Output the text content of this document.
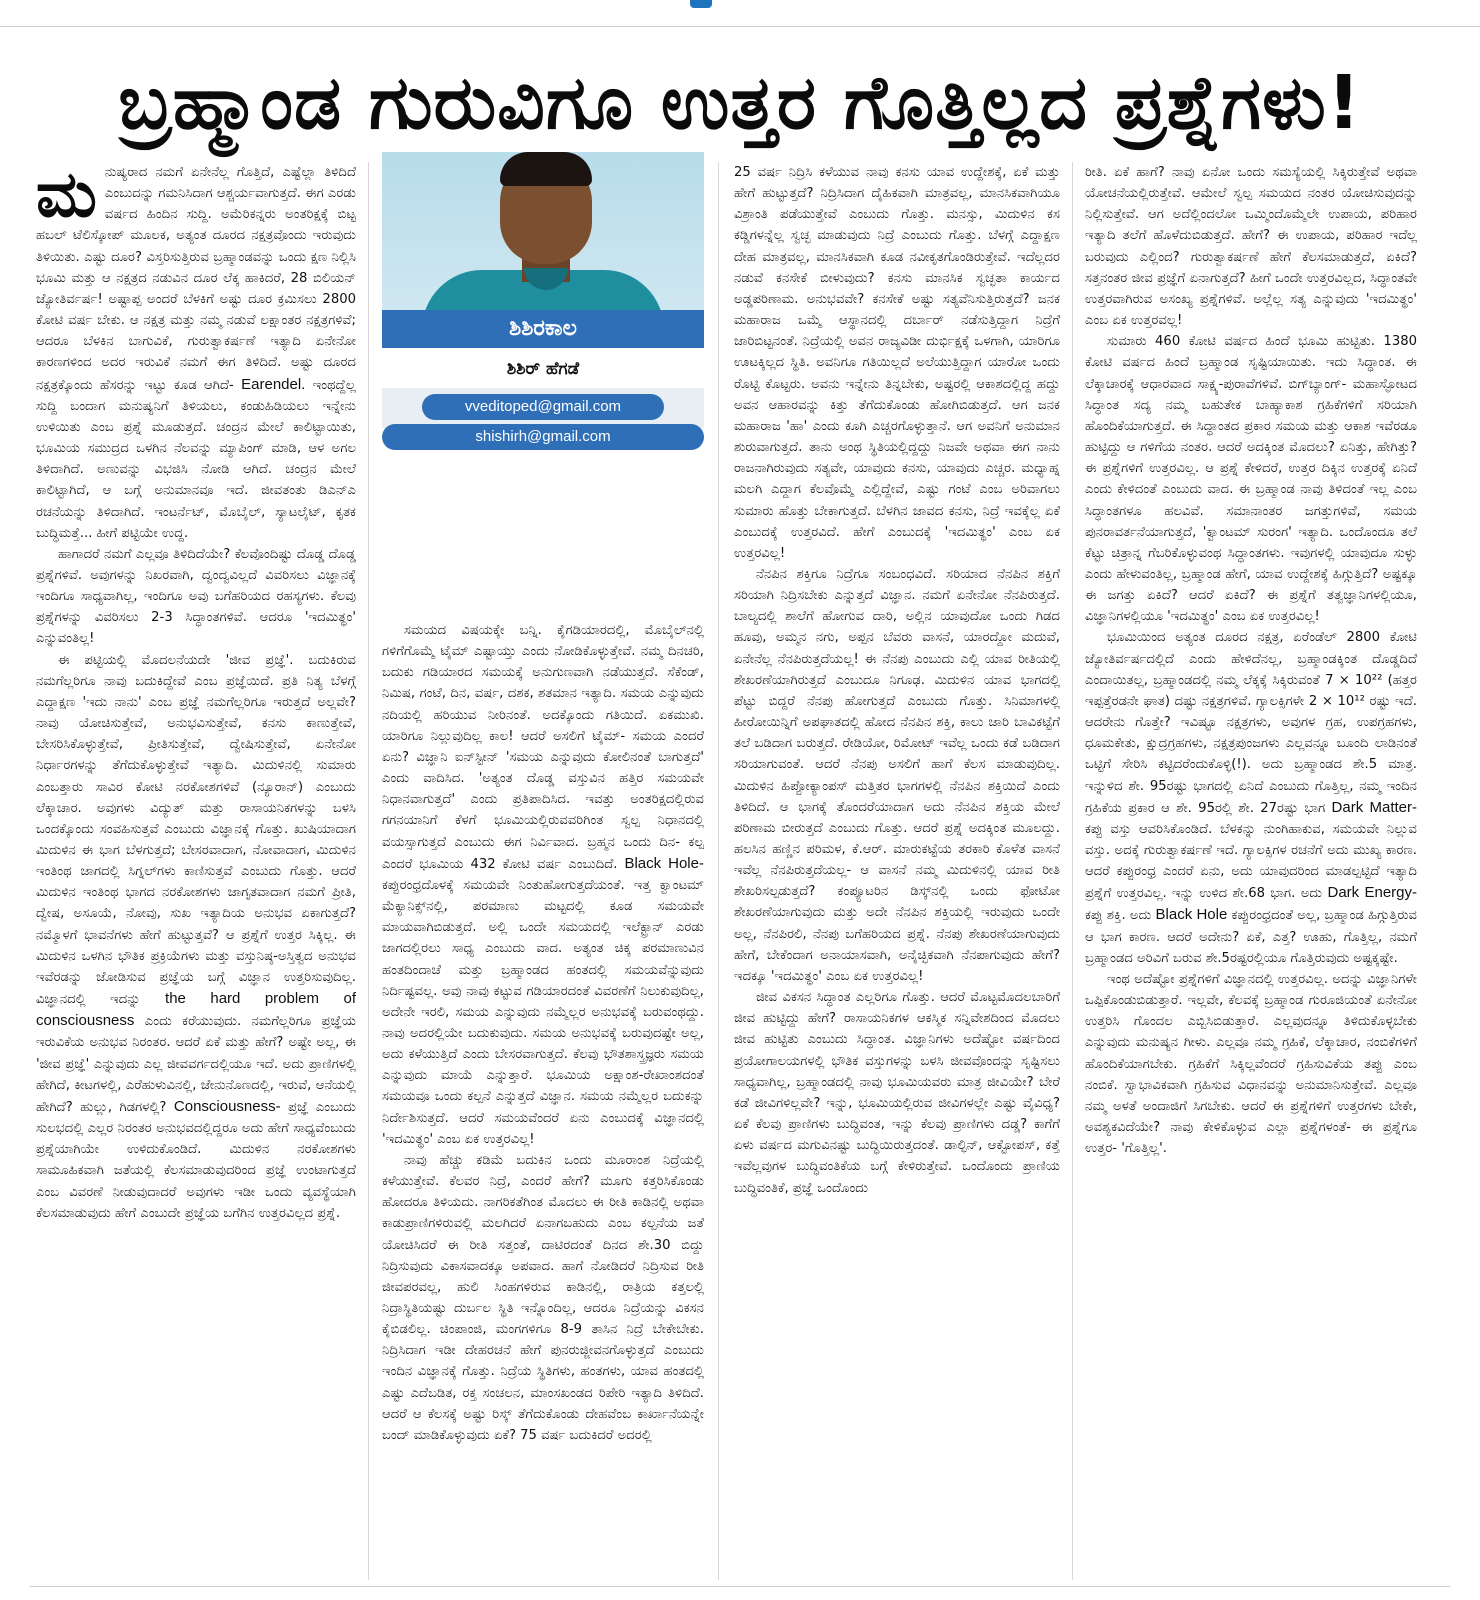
ಬ್ರಹ್ಮಾಂಡ ಗುರುವಿಗೂ ಉತ್ತರ ಗೊತ್ತಿಲ್ಲದ ಪ್ರಶ್ನೆಗಳು!

ಮನುಷ್ಯರಾದ ನಮಗೆ ಏನೇನೆಲ್ಲ ಗೊತ್ತಿದೆ, ಎಷ್ಟೆಲ್ಲಾ ತಿಳಿದಿದೆ ಎಂಬುದನ್ನು ಗಮನಿಸಿದಾಗ ಆಶ್ಚರ್ಯವಾಗುತ್ತದೆ. ಈಗ ಎರಡು ವರ್ಷದ ಹಿಂದಿನ ಸುದ್ದಿ. ಅಮೆರಿಕನ್ನರು ಅಂತರಿಕ್ಷಕ್ಕೆ ಬಿಟ್ಟ ಹಬಲ್ ಟೆಲಿಸ್ಕೋಪ್ ಮೂಲಕ, ಅತ್ಯಂತ ದೂರದ ನಕ್ಷತ್ರವೊಂದು ಇರುವುದು ತಿಳಿಯಿತು. ಎಷ್ಟು ದೂರ? ವಿಸ್ತರಿಸುತ್ತಿರುವ ಬ್ರಹ್ಮಾಂಡವನ್ನು ಒಂದು ಕ್ಷಣ ನಿಲ್ಲಿಸಿ ಭೂಮಿ ಮತ್ತು ಆ ನಕ್ಷತ್ರದ ನಡುವಿನ ದೂರ ಲೆಕ್ಕ ಹಾಕಿದರೆ, 28 ಬಿಲಿಯನ್ ಜ್ಯೋತಿರ್ವರ್ಷ! ಅಷ್ಟಾಪ್ಪ ಅಂದರೆ ಬೆಳಕಿಗೆ ಅಷ್ಟು ದೂರ ಕ್ರಮಿಸಲು 2800 ಕೋಟಿ ವರ್ಷ ಬೇಕು. ಆ ನಕ್ಷತ್ರ ಮತ್ತು ನಮ್ಮ ನಡುವೆ ಲಕ್ಷಾಂತರ ನಕ್ಷತ್ರಗಳಿವೆ; ಆದರೂ ಬೆಳಕಿನ ಬಾಗುವಿಕೆ, ಗುರುತ್ವಾಕರ್ಷಣೆ ಇತ್ಯಾದಿ ಏನೇನೋ ಕಾರಣಗಳಿಂದ ಅದರ ಇರುವಿಕೆ ನಮಗೆ ಈಗ ತಿಳಿದಿದೆ. ಅಷ್ಟು ದೂರದ ನಕ್ಷತ್ರಕ್ಕೊಂದು ಹೆಸರನ್ನು ಇಟ್ಟು ಕೂಡ ಆಗಿದೆ- Earendel. ಇಂಥದ್ದೆಲ್ಲ ಸುದ್ದಿ ಬಂದಾಗ ಮನುಷ್ಯನಿಗೆ ತಿಳಿಯಲು, ಕಂಡುಹಿಡಿಯಲು ಇನ್ನೇನು ಉಳಿಯಿತು ಎಂಬ ಪ್ರಶ್ನೆ ಮೂಡುತ್ತದೆ. ಚಂದ್ರನ ಮೇಲೆ ಕಾಲಿಟ್ಟಾಯಿತು, ಭೂಮಿಯ ಸಮುದ್ರದ ಒಳಗಿನ ನೆಲವನ್ನು ಮ್ಯಾಪಿಂಗ್ ಮಾಡಿ, ಆಳ ಅಗಲ ತಿಳಿದಾಗಿದೆ. ಅಣುವನ್ನು ವಿಭಜಿಸಿ ನೋಡಿ ಆಗಿದೆ. ಚಂದ್ರನ ಮೇಲೆ ಕಾಲಿಟ್ಟಾಗಿದೆ, ಆ ಬಗ್ಗೆ ಅನುಮಾನವೂ ಇದೆ. ಜೀವತಂತು ಡಿಎನ್‌ಎ ರಚನೆಯನ್ನು ತಿಳಿದಾಗಿದೆ. ಇಂಟರ್ನೆಟ್, ಮೊಬೈಲ್, ಸ್ಯಾಟಲೈಟ್, ಕೃತಕ ಬುದ್ಧಿಮತ್ತೆ... ಹೀಗೆ ಪಟ್ಟಿಯೇ ಉದ್ದ.

ಹಾಗಾದರೆ ನಮಗೆ ಎಲ್ಲವೂ ತಿಳಿದಿದೆಯೇ? ಕೆಲವೊಂದಿಷ್ಟು ದೊಡ್ಡ ದೊಡ್ಡ ಪ್ರಶ್ನೆಗಳಿವೆ. ಅವುಗಳನ್ನು ನಿಖರವಾಗಿ, ದ್ವಂದ್ವವಿಲ್ಲದೆ ವಿವರಿಸಲು ವಿಜ್ಞಾನಕ್ಕೆ ಇಂದಿಗೂ ಸಾಧ್ಯವಾಗಿಲ್ಲ, ಇಂದಿಗೂ ಅವು ಬಗೆಹರಿಯದ ರಹಸ್ಯಗಳು. ಕೆಲವು ಪ್ರಶ್ನೆಗಳನ್ನು ವಿವರಿಸಲು 2-3 ಸಿದ್ಧಾಂತಗಳಿವೆ. ಆದರೂ 'ಇದಮಿತ್ಥಂ' ಎನ್ನುವಂತಿಲ್ಲ!

ಈ ಪಟ್ಟಿಯಲ್ಲಿ ಮೊದಲನೆಯದೇ 'ಜೀವ ಪ್ರಜ್ಞೆ'. ಬದುಕಿರುವ ನಮಗೆಲ್ಲರಿಗೂ ನಾವು ಬದುಕಿದ್ದೇವೆ ಎಂಬ ಪ್ರಜ್ಞೆಯಿದೆ. ಪ್ರತಿ ನಿತ್ಯ ಬೆಳಗ್ಗೆ ಎದ್ದಾಕ್ಷಣ 'ಇದು ನಾನು' ಎಂಬ ಪ್ರಜ್ಞೆ ನಮಗೆಲ್ಲರಿಗೂ ಇರುತ್ತದೆ ಅಲ್ಲವೇ? ನಾವು ಯೋಚಿಸುತ್ತೇವೆ, ಅನುಭವಿಸುತ್ತೇವೆ, ಕನಸು ಕಾಣುತ್ತೇವೆ, ಬೇಸರಿಸಿಕೊಳ್ಳುತ್ತೇವೆ, ಪ್ರೀತಿಸುತ್ತೇವೆ, ದ್ವೇಷಿಸುತ್ತೇವೆ, ಏನೇನೋ ನಿರ್ಧಾರಗಳನ್ನು ತೆಗೆದುಕೊಳ್ಳುತ್ತೇವೆ ಇತ್ಯಾದಿ. ಮಿದುಳಿನಲ್ಲಿ ಸುಮಾರು ಎಂಬತ್ತಾರು ಸಾವಿರ ಕೋಟಿ ನರಕೋಶಗಳಿವೆ (ನ್ಯೂರಾನ್) ಎಂಬುದು ಲೆಕ್ಕಾಚಾರ. ಅವುಗಳು ವಿದ್ಯುತ್ ಮತ್ತು ರಾಸಾಯನಿಕಗಳನ್ನು ಬಳಸಿ ಒಂದಕ್ಕೊಂದು ಸಂವಹಿಸುತ್ತವೆ ಎಂಬುದು ವಿಜ್ಞಾನಕ್ಕೆ ಗೊತ್ತು. ಖುಷಿಯಾದಾಗ ಮಿದುಳಿನ ಈ ಭಾಗ ಬೆಳಗುತ್ತದೆ; ಬೇಸರವಾದಾಗ, ನೋವಾದಾಗ, ಮಿದುಳಿನ ಇಂತಿಂಥ ಜಾಗದಲ್ಲಿ ಸಿಗ್ನಲ್‌ಗಳು ಕಾಣಿಸುತ್ತವೆ ಎಂಬುದು ಗೊತ್ತು. ಆದರೆ ಮಿದುಳಿನ ಇಂತಿಂಥ ಭಾಗದ ನರಕೋಶಗಳು ಜಾಗೃತವಾದಾಗ ನಮಗೆ ಪ್ರೀತಿ, ದ್ವೇಷ, ಅಸೂಯೆ, ನೋವು, ಸುಖ ಇತ್ಯಾದಿಯ ಅನುಭವ ಏಕಾಗುತ್ತದೆ? ನಮ್ಮೊಳಗೆ ಭಾವನೆಗಳು ಹೇಗೆ ಹುಟ್ಟುತ್ತವೆ? ಆ ಪ್ರಶ್ನೆಗೆ ಉತ್ತರ ಸಿಕ್ಕಿಲ್ಲ. ಈ ಮಿದುಳಿನ ಒಳಗಿನ ಭೌತಿಕ ಪ್ರಕ್ರಿಯೆಗಳು ಮತ್ತು ವಸ್ತುನಿಷ್ಠ-ಅಸ್ತಿತ್ವದ ಅನುಭವ ಇವೆರಡನ್ನು ಜೋಡಿಸುವ ಪ್ರಜ್ಞೆಯ ಬಗ್ಗೆ ವಿಜ್ಞಾನ ಉತ್ತರಿಸುವುದಿಲ್ಲ. ವಿಜ್ಞಾನದಲ್ಲಿ ಇದನ್ನು the hard problem of consciousness ಎಂದು ಕರೆಯುವುದು. ನಮಗೆಲ್ಲರಿಗೂ ಪ್ರಜ್ಞೆಯ ಇರುವಿಕೆಯ ಅನುಭವ ನಿರಂತರ. ಆದರೆ ಏಕೆ ಮತ್ತು ಹೇಗೆ? ಅಷ್ಟೇ ಅಲ್ಲ, ಈ 'ಜೀವ ಪ್ರಜ್ಞೆ' ಎನ್ನುವುದು ಎಲ್ಲ ಜೀವವರ್ಗದಲ್ಲಿಯೂ ಇದೆ. ಅದು ಪ್ರಾಣಿಗಳಲ್ಲಿ ಹೇಗಿದೆ, ಕೀಟಗಳಲ್ಲಿ, ಎರೆಹುಳುವಿನಲ್ಲಿ, ಜೇನುನೊಣದಲ್ಲಿ, ಇರುವೆ, ಆನೆಯಲ್ಲಿ ಹೇಗಿದೆ? ಹುಲ್ಲು, ಗಿಡಗಳಲ್ಲಿ? Consciousness- ಪ್ರಜ್ಞೆ ಎಂಬುದು ಸುಲಭದಲ್ಲಿ ಎಲ್ಲರ ನಿರಂತರ ಅನುಭವದಲ್ಲಿದ್ದರೂ ಅದು ಹೇಗೆ ಸಾಧ್ಯವೆಂಬುದು ಪ್ರಶ್ನೆಯಾಗಿಯೇ ಉಳಿದುಕೊಂಡಿದೆ. ಮಿದುಳಿನ ನರಕೋಶಗಳು ಸಾಮೂಹಿಕವಾಗಿ ಜತೆಯಲ್ಲಿ ಕೆಲಸಮಾಡುವುದರಿಂದ ಪ್ರಜ್ಞೆ ಉಂಟಾಗುತ್ತದೆ ಎಂಬ ವಿವರಣೆ ನೀಡುವುದಾದರೆ ಅವುಗಳು ಇಡೀ ಒಂದು ವ್ಯವಸ್ಥೆಯಾಗಿ ಕೆಲಸಮಾಡುವುದು ಹೇಗೆ ಎಂಬುದೇ ಪ್ರಜ್ಞೆಯ ಬಗೆಗಿನ ಉತ್ತರವಿಲ್ಲದ ಪ್ರಶ್ನೆ.

ಶಿಶಿರಕಾಲ
ಶಿಶಿರ್ ಹೆಗಡೆ
vveditoped@gmail.com
shishirh@gmail.com

ಸಮಯದ ವಿಷಯಕ್ಕೇ ಬನ್ನಿ. ಕೈಗಡಿಯಾರದಲ್ಲಿ, ಮೊಬೈಲ್‌ನಲ್ಲಿ ಗಳಿಗೆಗೊಮ್ಮೆ ಟೈಮ್ ಎಷ್ಟಾಯ್ತು ಎಂದು ನೋಡಿಕೊಳ್ಳುತ್ತೇವೆ. ನಮ್ಮ ದಿನಚರಿ, ಬದುಕು ಗಡಿಯಾರದ ಸಮಯಕ್ಕೆ ಅನುಗುಣವಾಗಿ ನಡೆಯುತ್ತದೆ. ಸೆಕೆಂಡ್, ನಿಮಿಷ, ಗಂಟೆ, ದಿನ, ವರ್ಷ, ದಶಕ, ಶತಮಾನ ಇತ್ಯಾದಿ. ಸಮಯ ಎನ್ನುವುದು ನದಿಯಲ್ಲಿ ಹರಿಯುವ ನೀರಿನಂತೆ. ಅದಕ್ಕೊಂದು ಗತಿಯಿದೆ. ಏಕಮುಖಿ. ಯಾರಿಗೂ ನಿಲ್ಲುವುದಿಲ್ಲ ಕಾಲ! ಆದರೆ ಅಸಲಿಗೆ ಟೈಮ್- ಸಮಯ ಎಂದರೆ ಏನು? ವಿಜ್ಞಾನಿ ಐನ್‌ಸ್ಟೀನ್ 'ಸಮಯ ಎನ್ನುವುದು ಕೋಲಿನಂತೆ ಬಾಗುತ್ತದೆ' ಎಂದು ವಾದಿಸಿದ. 'ಅತ್ಯಂತ ದೊಡ್ಡ ವಸ್ತುವಿನ ಹತ್ತಿರ ಸಮಯವೇ ನಿಧಾನವಾಗುತ್ತದೆ' ಎಂದು ಪ್ರತಿಪಾದಿಸಿದ. ಇವತ್ತು ಅಂತರಿಕ್ಷದಲ್ಲಿರುವ ಗಗನಯಾನಿಗೆ ಕೆಳಗೆ ಭೂಮಿಯಲ್ಲಿರುವವರಿಗಿಂತ ಸ್ವಲ್ಪ ನಿಧಾನದಲ್ಲಿ ವಯಸ್ಸಾಗುತ್ತದೆ ಎಂಬುದು ಈಗ ನಿರ್ವಿವಾದ. ಬ್ರಹ್ಮನ ಒಂದು ದಿನ- ಕಲ್ಪ ಎಂದರೆ ಭೂಮಿಯ 432 ಕೋಟಿ ವರ್ಷ ಎಂಬುದಿದೆ. Black Hole- ಕಪ್ಪುರಂಧ್ರದೊಳಕ್ಕೆ ಸಮಯವೇ ನಿಂತುಹೋಗುತ್ತದೆಯಂತೆ. ಇತ್ತ ಕ್ವಾಂಟಮ್ ಮೆಕ್ಯಾನಿಕ್ಸ್‌ನಲ್ಲಿ, ಪರಮಾಣು ಮಟ್ಟದಲ್ಲಿ ಕೂಡ ಸಮಯವೇ ಮಾಯವಾಗಿಬಿಡುತ್ತದೆ. ಅಲ್ಲಿ ಒಂದೇ ಸಮಯದಲ್ಲಿ ಇಲೆಕ್ಟ್ರಾನ್ ಎರಡು ಜಾಗದಲ್ಲಿರಲು ಸಾಧ್ಯ ಎಂಬುದು ವಾದ. ಅತ್ಯಂತ ಚಿಕ್ಕ ಪರಮಾಣುವಿನ ಹಂತದಿಂದಾಚೆ ಮತ್ತು ಬ್ರಹ್ಮಾಂಡದ ಹಂತದಲ್ಲಿ ಸಮಯವೆನ್ನುವುದು ನಿರ್ದಿಷ್ಟವಲ್ಲ. ಅವು ನಾವು ಕಟ್ಟುವ ಗಡಿಯಾರದಂತೆ ವಿವರಣೆಗೆ ನಿಲುಕುವುದಿಲ್ಲ, ಅದೇನೇ ಇರಲಿ, ಸಮಯ ಎನ್ನುವುದು ನಮ್ಮೆಲ್ಲರ ಅನುಭವಕ್ಕೆ ಬರುವಂಥದ್ದು. ನಾವು ಅದರಲ್ಲಿಯೇ ಬದುಕುವುದು. ಸಮಯ ಅನುಭವಕ್ಕೆ ಬರುವುದಷ್ಟೇ ಅಲ್ಲ, ಅದು ಕಳೆಯುತ್ತಿದೆ ಎಂದು ಬೇಸರವಾಗುತ್ತದೆ. ಕೆಲವು ಭೌತಶಾಸ್ತ್ರಜ್ಞರು ಸಮಯ ಎನ್ನುವುದು ಮಾಯೆ ಎನ್ನುತ್ತಾರೆ. ಭೂಮಿಯ ಅಕ್ಷಾಂಶ-ರೇಖಾಂಶದಂತೆ ಸಮಯವೂ ಒಂದು ಕಲ್ಪನೆ ಎನ್ನುತ್ತದೆ ವಿಜ್ಞಾನ. ಸಮಯ ನಮ್ಮೆಲ್ಲರ ಬದುಕನ್ನು ನಿರ್ದೇಶಿಸುತ್ತದೆ. ಆದರೆ ಸಮಯವೆಂದರೆ ಏನು ಎಂಬುದಕ್ಕೆ ವಿಜ್ಞಾನದಲ್ಲಿ 'ಇದಮಿತ್ಥಂ' ಎಂಬ ಏಕ ಉತ್ತರವಿಲ್ಲ!

ನಾವು ಹೆಚ್ಚು ಕಡಿಮೆ ಬದುಕಿನ ಒಂದು ಮೂರಾಂಶ ನಿದ್ರೆಯಲ್ಲಿ ಕಳೆಯುತ್ತೇವೆ. ಕೆಲವರ ನಿದ್ರೆ, ಎಂದರೆ ಹೇಗೆ? ಮೂಗು ಕತ್ತರಿಸಿಕೊಂಡು ಹೋದರೂ ತಿಳಿಯದು. ನಾಗರಿಕತೆಗಿಂತ ಮೊದಲು ಈ ರೀತಿ ಕಾಡಿನಲ್ಲಿ ಅಥವಾ ಕಾಡುಪ್ರಾಣಿಗಳಿರುವಲ್ಲಿ ಮಲಗಿದರೆ ಏನಾಗಬಹುದು ಎಂಬ ಕಲ್ಪನೆಯ ಜತೆ ಯೋಚಿಸಿದರೆ ಈ ರೀತಿ ಸತ್ತಂತೆ, ದಾಟಿರದಂತೆ ದಿನದ ಶೇ.30 ಬಿದ್ದು ನಿದ್ರಿಸುವುದು ವಿಕಾಸವಾದಕ್ಕೂ ಅಪವಾದ. ಹಾಗೆ ನೋಡಿದರೆ ನಿದ್ರಿಸುವ ರೀತಿ ಜೀವಪರವಲ್ಲ, ಹುಲಿ ಸಿಂಹಗಳಿರುವ ಕಾಡಿನಲ್ಲಿ, ರಾತ್ರಿಯ ಕತ್ತಲಲ್ಲಿ ನಿದ್ರಾಸ್ಥಿತಿಯಷ್ಟು ದುರ್ಬಲ ಸ್ಥಿತಿ ಇನ್ನೊಂದಿಲ್ಲ, ಆದರೂ ನಿದ್ರೆಯನ್ನು ವಿಕಸನ ಕೈಬಿಡಲಿಲ್ಲ. ಚಿಂಪಾಂಜಿ, ಮಂಗಗಳಿಗೂ 8-9 ತಾಸಿನ ನಿದ್ರೆ ಬೇಕೇಬೇಕು. ನಿದ್ರಿಸಿದಾಗ ಇಡೀ ದೇಹರಚನೆ ಹೇಗೆ ಪುನರುಜ್ಜೀವನಗೊಳ್ಳುತ್ತದೆ ಎಂಬುದು ಇಂದಿನ ವಿಜ್ಞಾನಕ್ಕೆ ಗೊತ್ತು. ನಿದ್ರೆಯ ಸ್ಥಿತಿಗಳು, ಹಂತಗಳು, ಯಾವ ಹಂತದಲ್ಲಿ ಎಷ್ಟು ಎದೆಬಡಿತ, ರಕ್ತ ಸಂಚಲನ, ಮಾಂಸಖಂಡದ ರಿಪೇರಿ ಇತ್ಯಾದಿ ತಿಳಿದಿದೆ. ಆದರೆ ಆ ಕೆಲಸಕ್ಕೆ ಅಷ್ಟು ರಿಸ್ಕ್ ತೆಗೆದುಕೊಂಡು ದೇಹವೆಂಬ ಕಾರ್ಖಾನೆಯನ್ನೇ ಬಂದ್ ಮಾಡಿಕೊಳ್ಳುವುದು ಏಕೆ? 75 ವರ್ಷ ಬದುಕಿದರೆ ಅದರಲ್ಲಿ

25 ವರ್ಷ ನಿದ್ರಿಸಿ ಕಳೆಯುವ ನಾವು ಕನಸು ಯಾವ ಉದ್ದೇಶಕ್ಕೆ, ಏಕೆ ಮತ್ತು ಹೇಗೆ ಹುಟ್ಟುತ್ತದೆ? ನಿದ್ರಿಸಿದಾಗ ದೈಹಿಕವಾಗಿ ಮಾತ್ರವಲ್ಲ, ಮಾನಸಿಕವಾಗಿಯೂ ವಿಶ್ರಾಂತಿ ಪಡೆಯುತ್ತೇವೆ ಎಂಬುದು ಗೊತ್ತು. ಮನಸ್ಸು, ಮಿದುಳಿನ ಕಸ ಕಡ್ಡಿಗಳನ್ನೆಲ್ಲ ಸ್ವಚ್ಛ ಮಾಡುವುದು ನಿದ್ರೆ ಎಂಬುದು ಗೊತ್ತು. ಬೆಳಗ್ಗೆ ಎದ್ದಾಕ್ಷಣ ದೇಹ ಮಾತ್ರವಲ್ಲ, ಮಾನಸಿಕವಾಗಿ ಕೂಡ ನವೀಕೃತಗೊಂಡಿರುತ್ತೇವೆ. ಇದೆಲ್ಲದರ ನಡುವೆ ಕನಸೇಕೆ ಬೀಳುವುದು? ಕನಸು ಮಾನಸಿಕ ಸ್ವಚ್ಛತಾ ಕಾರ್ಯದ ಅಡ್ಡಪರಿಣಾಮ. ಅನುಭವವೇ? ಕನಸೇಕೆ ಅಷ್ಟು ಸತ್ಯವೆನಿಸುತ್ತಿರುತ್ತದೆ? ಜನಕ ಮಹಾರಾಜ ಒಮ್ಮೆ ಆಸ್ಥಾನದಲ್ಲಿ ದರ್ಬಾರ್ ನಡೆಸುತ್ತಿದ್ದಾಗ ನಿದ್ರೆಗೆ ಜಾರಿಬಿಟ್ಟನಂತೆ. ನಿದ್ರೆಯಲ್ಲಿ ಅವನ ರಾಜ್ಯವಿಡೀ ದುರ್ಭಿಕ್ಷಕ್ಕೆ ಒಳಗಾಗಿ, ಯಾರಿಗೂ ಊಟಕ್ಕಿಲ್ಲದ ಸ್ಥಿತಿ. ಅವನಿಗೂ ಗತಿಯಿಲ್ಲದೆ ಅಲೆಯುತ್ತಿದ್ದಾಗ ಯಾರೋ ಒಂದು ರೊಟ್ಟಿ ಕೊಟ್ಟರು. ಅವನು ಇನ್ನೇನು ತಿನ್ನಬೇಕು, ಅಷ್ಟರಲ್ಲಿ ಆಕಾಶದಲ್ಲಿದ್ದ ಹದ್ದು ಅವನ ಆಹಾರವನ್ನು ಕಿತ್ತು ತೆಗೆದುಕೊಂಡು ಹೋಗಿಬಿಡುತ್ತದೆ. ಆಗ ಜನಕ ಮಹಾರಾಜ 'ಹಾ' ಎಂದು ಕೂಗಿ ಎಚ್ಚರಗೊಳ್ಳುತ್ತಾನೆ. ಆಗ ಅವನಿಗೆ ಅನುಮಾನ ಶುರುವಾಗುತ್ತದೆ. ತಾನು ಅಂಥ ಸ್ಥಿತಿಯಲ್ಲಿದ್ದದ್ದು ನಿಜವೇ ಅಥವಾ ಈಗ ನಾನು ರಾಜನಾಗಿರುವುದು ಸತ್ಯವೇ, ಯಾವುದು ಕನಸು, ಯಾವುದು ಎಚ್ಚರ. ಮಧ್ಯಾಹ್ನ ಮಲಗಿ ಎದ್ದಾಗ ಕೆಲವೊಮ್ಮೆ ಎಲ್ಲಿದ್ದೇವೆ, ಎಷ್ಟು ಗಂಟೆ ಎಂಬ ಅರಿವಾಗಲು ಸುಮಾರು ಹೊತ್ತು ಬೇಕಾಗುತ್ತದೆ. ಬೆಳಗಿನ ಜಾವದ ಕನಸು, ನಿದ್ರೆ ಇವಕ್ಕೆಲ್ಲ ಏಕೆ ಎಂಬುದಕ್ಕೆ ಉತ್ತರವಿದೆ. ಹೇಗೆ ಎಂಬುದಕ್ಕೆ 'ಇದಮಿತ್ಥಂ' ಎಂಬ ಏಕ ಉತ್ತರವಿಲ್ಲ!

ನೆನಪಿನ ಶಕ್ತಿಗೂ ನಿದ್ರೆಗೂ ಸಂಬಂಧವಿದೆ. ಸರಿಯಾದ ನೆನಪಿನ ಶಕ್ತಿಗೆ ಸರಿಯಾಗಿ ನಿದ್ರಿಸಬೇಕು ಎನ್ನುತ್ತದೆ ವಿಜ್ಞಾನ. ನಮಗೆ ಏನೇನೋ ನೆನಪಿರುತ್ತದೆ. ಬಾಲ್ಯದಲ್ಲಿ ಶಾಲೆಗೆ ಹೋಗುವ ದಾರಿ, ಅಲ್ಲಿನ ಯಾವುದೋ ಒಂದು ಗಿಡದ ಹೂವು, ಅಮ್ಮನ ನಗು, ಅಪ್ಪನ ಬೆವರು ವಾಸನೆ, ಯಾರದ್ದೋ ಮದುವೆ, ಏನೇನೆಲ್ಲ ನೆನಪಿರುತ್ತದೆಯಲ್ಲ! ಈ ನೆನಪು ಎಂಬುದು ಎಲ್ಲಿ ಯಾವ ರೀತಿಯಲ್ಲಿ ಶೇಖರಣೆಯಾಗಿರುತ್ತದೆ ಎಂಬುದೂ ನಿಗೂಢ. ಮಿದುಳಿನ ಯಾವ ಭಾಗದಲ್ಲಿ ಪೆಟ್ಟು ಬಿದ್ದರೆ ನೆನಪು ಹೋಗುತ್ತದೆ ಎಂಬುದು ಗೊತ್ತು. ಸಿನಿಮಾಗಳಲ್ಲಿ ಹೀರೋಯಿನ್ನಿಗೆ ಅಪಘಾತದಲ್ಲಿ ಹೋದ ನೆನಪಿನ ಶಕ್ತಿ, ಕಾಲು ಜಾರಿ ಬಾವಿಕಟ್ಟೆಗೆ ತಲೆ ಬಡಿದಾಗ ಬರುತ್ತದೆ. ರೇಡಿಯೋ, ರಿಮೋಟ್ ಇವೆಲ್ಲ ಒಂದು ಕಡೆ ಬಡಿದಾಗ ಸರಿಯಾಗುವಂತೆ. ಆದರೆ ನೆನಪು ಅಸಲಿಗೆ ಹಾಗೆ ಕೆಲಸ ಮಾಡುವುದಿಲ್ಲ. ಮಿದುಳಿನ ಹಿಪ್ಪೋಕ್ಯಾಂಪಸ್ ಮತ್ತಿತರ ಭಾಗಗಳಲ್ಲಿ ನೆನಪಿನ ಶಕ್ತಿಯಿದೆ ಎಂದು ತಿಳಿದಿದೆ. ಆ ಭಾಗಕ್ಕೆ ತೊಂದರೆಯಾದಾಗ ಅದು ನೆನಪಿನ ಶಕ್ತಿಯ ಮೇಲೆ ಪರಿಣಾಮ ಬೀರುತ್ತದೆ ಎಂಬುದು ಗೊತ್ತು. ಆದರೆ ಪ್ರಶ್ನೆ ಅದಕ್ಕಿಂತ ಮೂಲದ್ದು. ಹಲಸಿನ ಹಣ್ಣಿನ ಪರಿಮಳ, ಕೆ.ಆರ್. ಮಾರುಕಟ್ಟೆಯ ತರಕಾರಿ ಕೊಳೆತ ವಾಸನೆ ಇವೆಲ್ಲ ನೆನಪಿರುತ್ತದೆಯಲ್ಲ- ಆ ವಾಸನೆ ನಮ್ಮ ಮಿದುಳಿನಲ್ಲಿ ಯಾವ ರೀತಿ ಶೇಖರಿಸಲ್ಪಡುತ್ತದೆ? ಕಂಪ್ಯೂಟರಿನ ಡಿಸ್ಕ್‌ನಲ್ಲಿ ಒಂದು ಫೋಟೋ ಶೇಖರಣೆಯಾಗುವುದು ಮತ್ತು ಅದೇ ನೆನಪಿನ ಶಕ್ತಿಯಲ್ಲಿ ಇರುವುದು ಒಂದೇ ಅಲ್ಲ, ನೆನಪಿರಲಿ, ನೆನಪು ಬಗೆಹರಿಯದ ಪ್ರಶ್ನೆ. ನೆನಪು ಶೇಖರಣೆಯಾಗುವುದು ಹೇಗೆ, ಬೇಕೆಂದಾಗ ಅನಾಯಾಸವಾಗಿ, ಅನೈಚ್ಛಿಕವಾಗಿ ನೆನಪಾಗುವುದು ಹೇಗೆ? ಇದಕ್ಕೂ 'ಇದಮಿತ್ಥಂ' ಎಂಬ ಏಕ ಉತ್ತರವಿಲ್ಲ!

ಜೀವ ವಿಕಸನ ಸಿದ್ಧಾಂತ ಎಲ್ಲರಿಗೂ ಗೊತ್ತು. ಆದರೆ ಮೊಟ್ಟಮೊದಲಬಾರಿಗೆ ಜೀವ ಹುಟ್ಟಿದ್ದು ಹೇಗೆ? ರಾಸಾಯನಿಕಗಳ ಆಕಸ್ಮಿಕ ಸನ್ನಿವೇಶದಿಂದ ಮೊದಲು ಜೀವ ಹುಟ್ಟಿತು ಎಂಬುದು ಸಿದ್ಧಾಂತ. ವಿಜ್ಞಾನಿಗಳು ಅದೆಷ್ಟೋ ವರ್ಷದಿಂದ ಪ್ರಯೋಗಾಲಯಗಳಲ್ಲಿ ಭೌತಿಕ ವಸ್ತುಗಳನ್ನು ಬಳಸಿ ಜೀವವೊಂದನ್ನು ಸೃಷ್ಟಿಸಲು ಸಾಧ್ಯವಾಗಿಲ್ಲ, ಬ್ರಹ್ಮಾಂಡದಲ್ಲಿ ನಾವು ಭೂಮಿಯವರು ಮಾತ್ರ ಜೀವಿಯೇ? ಬೇರೆ ಕಡೆ ಜೀವಿಗಳಿಲ್ಲವೇ? ಇನ್ನು, ಭೂಮಿಯಲ್ಲಿರುವ ಜೀವಿಗಳಲ್ಲೇ ಎಷ್ಟು ವೈವಿಧ್ಯ? ಏಕೆ ಕೆಲವು ಪ್ರಾಣಿಗಳು ಬುದ್ಧಿವಂತ, ಇನ್ನು ಕೆಲವು ಪ್ರಾಣಿಗಳು ದಡ್ಡ? ಕಾಗೆಗೆ ಏಳು ವರ್ಷದ ಮಗುವಿನಷ್ಟು ಬುದ್ಧಿಯಿರುತ್ತದಂತೆ. ಡಾಲ್ಫಿನ್, ಆಕ್ಟೋಪಸ್, ಕತ್ತೆ ಇವೆಲ್ಲವುಗಳ ಬುದ್ಧಿವಂತಿಕೆಯ ಬಗ್ಗೆ ಕೇಳಿರುತ್ತೇವೆ. ಒಂದೊಂದು ಪ್ರಾಣಿಯ ಬುದ್ಧಿವಂತಿಕೆ, ಪ್ರಜ್ಞೆ ಒಂದೊಂದು

ರೀತಿ. ಏಕೆ ಹಾಗೆ? ನಾವು ಏನೋ ಒಂದು ಸಮಸ್ಯೆಯಲ್ಲಿ ಸಿಕ್ಕಿರುತ್ತೇವೆ ಅಥವಾ ಯೋಚನೆಯಲ್ಲಿರುತ್ತೇವೆ. ಆಮೇಲೆ ಸ್ವಲ್ಪ ಸಮಯದ ನಂತರ ಯೋಚಿಸುವುದನ್ನು ನಿಲ್ಲಿಸುತ್ತೇವೆ. ಆಗ ಅದೆಲ್ಲಿಂದಲೋ ಒಮ್ಮಿಂದೊಮ್ಮೆಲೇ ಉಪಾಯ, ಪರಿಹಾರ ಇತ್ಯಾದಿ ತಲೆಗೆ ಹೊಳೆದುಬಿಡುತ್ತದೆ. ಹೇಗೆ? ಈ ಉಪಾಯ, ಪರಿಹಾರ ಇದೆಲ್ಲ ಬರುವುದು ಎಲ್ಲಿಂದ? ಗುರುತ್ವಾಕರ್ಷಣೆ ಹೇಗೆ ಕೆಲಸಮಾಡುತ್ತದೆ, ಏಕಿದೆ? ಸತ್ತನಂತರ ಜೀವ ಪ್ರಜ್ಞೆಗೆ ಏನಾಗುತ್ತದೆ? ಹೀಗೆ ಒಂದೇ ಉತ್ತರವಿಲ್ಲದ, ಸಿದ್ಧಾಂತವೇ ಉತ್ತರವಾಗಿರುವ ಅಸಂಖ್ಯ ಪ್ರಶ್ನೆಗಳಿವೆ. ಅಲ್ಲೆಲ್ಲ ಸತ್ಯ ಎನ್ನುವುದು 'ಇದಮಿತ್ಥಂ' ಎಂಬ ಏಕ ಉತ್ತರವಲ್ಲ!

ಸುಮಾರು 460 ಕೋಟಿ ವರ್ಷದ ಹಿಂದೆ ಭೂಮಿ ಹುಟ್ಟಿತು. 1380 ಕೋಟಿ ವರ್ಷದ ಹಿಂದೆ ಬ್ರಹ್ಮಾಂಡ ಸೃಷ್ಟಿಯಾಯಿತು. ಇದು ಸಿದ್ಧಾಂತ. ಈ ಲೆಕ್ಕಾಚಾರಕ್ಕೆ ಆಧಾರವಾದ ಸಾಕ್ಷ್ಯ-ಪುರಾವೆಗಳಿವೆ. ಬಿಗ್‌ಬ್ಯಾಂಗ್- ಮಹಾಸ್ಫೋಟದ ಸಿದ್ಧಾಂತ ಸದ್ಯ ನಮ್ಮ ಬಹುತೇಕ ಬಾಹ್ಯಾಕಾಶ ಗ್ರಹಿಕೆಗಳಿಗೆ ಸರಿಯಾಗಿ ಹೊಂದಿಕೆಯಾಗುತ್ತದೆ. ಈ ಸಿದ್ಧಾಂತದ ಪ್ರಕಾರ ಸಮಯ ಮತ್ತು ಆಕಾಶ ಇವೆರಡೂ ಹುಟ್ಟಿದ್ದು ಆ ಗಳಿಗೆಯ ನಂತರ. ಆದರೆ ಅದಕ್ಕಿಂತ ಮೊದಲು? ಏನಿತ್ತು, ಹೇಗಿತ್ತು? ಈ ಪ್ರಶ್ನೆಗಳಿಗೆ ಉತ್ತರವಿಲ್ಲ. ಆ ಪ್ರಶ್ನೆ ಕೇಳಿದರೆ, ಉತ್ತರ ದಿಕ್ಕಿನ ಉತ್ತರಕ್ಕೆ ಏನಿದೆ ಎಂದು ಕೇಳಿದಂತೆ ಎಂಬುದು ವಾದ. ಈ ಬ್ರಹ್ಮಾಂಡ ನಾವು ತಿಳಿದಂತೆ ಇಲ್ಲ ಎಂಬ ಸಿದ್ಧಾಂತಗಳೂ ಹಲವಿವೆ. ಸಮಾನಾಂತರ ಜಗತ್ತುಗಳಿವೆ, ಸಮಯ ಪುನರಾವರ್ತನೆಯಾಗುತ್ತದೆ, 'ಕ್ವಾಂಟಮ್ ಸುರಂಗ' ಇತ್ಯಾದಿ. ಒಂದೊಂದೂ ತಲೆ ಕೆಟ್ಟು ಚಿತ್ರಾನ್ನ ಗೆಬರಿಕೊಳ್ಳುವಂಥ ಸಿದ್ಧಾಂತಗಳು. ಇವುಗಳಲ್ಲಿ ಯಾವುದೂ ಸುಳ್ಳು ಎಂದು ಹೇಳುವಂತಿಲ್ಲ, ಬ್ರಹ್ಮಾಂಡ ಹೇಗೆ, ಯಾವ ಉದ್ದೇಶಕ್ಕೆ ಹಿಗ್ಗುತ್ತಿದೆ? ಅಷ್ಟಕ್ಕೂ ಈ ಜಗತ್ತು ಏಕಿದೆ? ಆದರೆ ಏಕಿದೆ? ಈ ಪ್ರಶ್ನೆಗೆ ತತ್ವಜ್ಞಾನಿಗಳಲ್ಲಿಯೂ, ವಿಜ್ಞಾನಿಗಳಲ್ಲಿಯೂ 'ಇದಮಿತ್ಥಂ' ಎಂಬ ಏಕ ಉತ್ತರವಿಲ್ಲ!

ಭೂಮಿಯಿಂದ ಅತ್ಯಂತ ದೂರದ ನಕ್ಷತ್ರ, ಏರೆಂಡೆಲ್ 2800 ಕೋಟಿ ಜ್ಯೋತಿರ್ವರ್ಷದಲ್ಲಿದೆ ಎಂದು ಹೇಳಿದೆನಲ್ಲ, ಬ್ರಹ್ಮಾಂಡಕ್ಕಿಂತ ದೊಡ್ಡದಿದೆ ಎಂದಾಯಿತಲ್ಲ, ಬ್ರಹ್ಮಾಂಡದಲ್ಲಿ ನಮ್ಮ ಲೆಕ್ಕಕ್ಕೆ ಸಿಕ್ಕಿರುವಂತೆ 7 × 10²² (ಹತ್ತರ ಇಪ್ಪತ್ತೆರಡನೇ ಘಾತ) ದಷ್ಟು ನಕ್ಷತ್ರಗಳಿವೆ. ಗ್ಯಾಲಕ್ಸಿಗಳೇ 2 × 10¹² ರಷ್ಟು ಇದೆ. ಆದರೇನು ಗೊತ್ತೇ? ಇವಿಷ್ಟೂ ನಕ್ಷತ್ರಗಳು, ಅವುಗಳ ಗ್ರಹ, ಉಪಗ್ರಹಗಳು, ಧೂಮಕೇತು, ಕ್ಷುದ್ರಗ್ರಹಗಳು, ನಕ್ಷತ್ರಪುಂಜಗಳು ಎಲ್ಲವನ್ನೂ ಬೂಂದಿ ಲಾಡಿನಂತೆ ಒಟ್ಟಿಗೆ ಸೇರಿಸಿ ಕಟ್ಟಿದರೆಂದುಕೊಳ್ಳಿ(!). ಅದು ಬ್ರಹ್ಮಾಂಡದ ಶೇ.5 ಮಾತ್ರ. ಇನ್ನುಳಿದ ಶೇ. 95ರಷ್ಟು ಭಾಗದಲ್ಲಿ ಏನಿದೆ ಎಂಬುದು ಗೊತ್ತಿಲ್ಲ, ನಮ್ಮ ಇಂದಿನ ಗ್ರಹಿಕೆಯ ಪ್ರಕಾರ ಆ ಶೇ. 95ರಲ್ಲಿ ಶೇ. 27ರಷ್ಟು ಭಾಗ Dark Matter- ಕಪ್ಪು ವಸ್ತು ಆವರಿಸಿಕೊಂಡಿದೆ. ಬೆಳಕನ್ನು ನುಂಗಿಹಾಕುವ, ಸಮಯವೇ ನಿಲ್ಲುವ ವಸ್ತು. ಅದಕ್ಕೆ ಗುರುತ್ವಾಕರ್ಷಣೆ ಇದೆ. ಗ್ಯಾಲಕ್ಸಿಗಳ ರಚನೆಗೆ ಅದು ಮುಖ್ಯ ಕಾರಣ. ಆದರೆ ಕಪ್ಪುರಂಧ್ರ ಎಂದರೆ ಏನು, ಅದು ಯಾವುದರಿಂದ ಮಾಡಲ್ಪಟ್ಟಿದೆ ಇತ್ಯಾದಿ ಪ್ರಶ್ನೆಗೆ ಉತ್ತರವಿಲ್ಲ. ಇನ್ನು ಉಳಿದ ಶೇ.68 ಭಾಗ. ಅದು Dark Energy- ಕಪ್ಪು ಶಕ್ತಿ. ಅದು Black Hole ಕಪ್ಪುರಂಧ್ರದಂತೆ ಅಲ್ಲ, ಬ್ರಹ್ಮಾಂಡ ಹಿಗ್ಗುತ್ತಿರುವ ಆ ಭಾಗ ಕಾರಣ. ಆದರೆ ಅದೇನು? ಏಕೆ, ಎತ್ತ? ಊಹು, ಗೊತ್ತಿಲ್ಲ, ನಮಗೆ ಬ್ರಹ್ಮಾಂಡದ ಅರಿವಿಗೆ ಬರುವ ಶೇ.5ರಷ್ಟರಲ್ಲಿಯೂ ಗೊತ್ತಿರುವುದು ಅಷ್ಟಕ್ಕಷ್ಟೇ.

ಇಂಥ ಅದೆಷ್ಟೋ ಪ್ರಶ್ನೆಗಳಿಗೆ ವಿಜ್ಞಾನದಲ್ಲಿ ಉತ್ತರವಿಲ್ಲ. ಅದನ್ನು ವಿಜ್ಞಾನಿಗಳೇ ಒಪ್ಪಿಕೊಂಡುಬಿಡುತ್ತಾರೆ. ಇಲ್ಲವೇ, ಕೆಲವಕ್ಕೆ ಬ್ರಹ್ಮಾಂಡ ಗುರೂಜಿಯಂತೆ ಏನೇನೋ ಉತ್ತರಿಸಿ ಗೊಂದಲ ಎಬ್ಬಿಸಿಬಿಡುತ್ತಾರೆ. ಎಲ್ಲವುದನ್ನೂ ತಿಳಿದುಕೊಳ್ಳಬೇಕು ಎನ್ನುವುದು ಮನುಷ್ಯನ ಗೀಳು. ಎಲ್ಲವೂ ನಮ್ಮ ಗ್ರಹಿಕೆ, ಲೆಕ್ಕಾಚಾರ, ನಂಬಿಕೆಗಳಿಗೆ ಹೊಂದಿಕೆಯಾಗಬೇಕು. ಗ್ರಹಿಕೆಗೆ ಸಿಕ್ಕಿಲ್ಲವೆಂದರೆ ಗ್ರಹಿಸುವಿಕೆಯ ತಪ್ಪು ಎಂಬ ನಂಬಿಕೆ. ಸ್ವಾಭಾವಿಕವಾಗಿ ಗ್ರಹಿಸುವ ವಿಧಾನವನ್ನು ಅನುಮಾನಿಸುತ್ತೇವೆ. ಎಲ್ಲವೂ ನಮ್ಮ ಅಳತೆ ಅಂದಾಜಿಗೆ ಸಿಗಬೇಕು. ಆದರೆ ಈ ಪ್ರಶ್ನೆಗಳಿಗೆ ಉತ್ತರಗಳು ಬೇಕೇ, ಅವಶ್ಯಕವಿದೆಯೇ? ನಾವು ಕೇಳಿಕೊಳ್ಳುವ ಎಲ್ಲಾ ಪ್ರಶ್ನೆಗಳಂತೆ- ಈ ಪ್ರಶ್ನೆಗೂ ಉತ್ತರ- 'ಗೊತ್ತಿಲ್ಲ'.
